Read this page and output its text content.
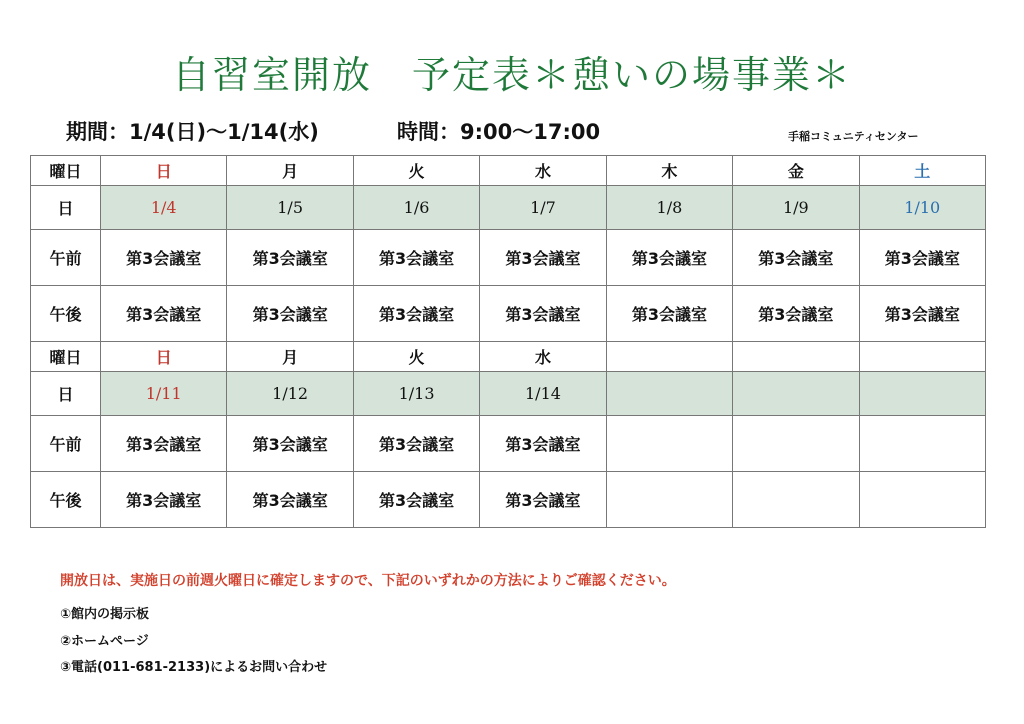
自習室開放　予定表＊憩いの場事業＊
期間：1/4(日)～1/14(水)	時間：9:00～17:00	手稲コミュニティセンター
曜日	日	月	火	水	木	金	土
日	1/4	1/5	1/6	1/7	1/8	1/9	1/10
午前	第3会議室	第3会議室	第3会議室	第3会議室	第3会議室	第3会議室	第3会議室
午後	第3会議室	第3会議室	第3会議室	第3会議室	第3会議室	第3会議室	第3会議室
曜日	日	月	火	水			
日	1/11	1/12	1/13	1/14			
午前	第3会議室	第3会議室	第3会議室	第3会議室			
午後	第3会議室	第3会議室	第3会議室	第3会議室			
開放日は、実施日の前週火曜日に確定しますので、下記のいずれかの方法によりご確認ください。
①館内の掲示板
②ホームページ
③電話(011-681-2133)によるお問い合わせ
